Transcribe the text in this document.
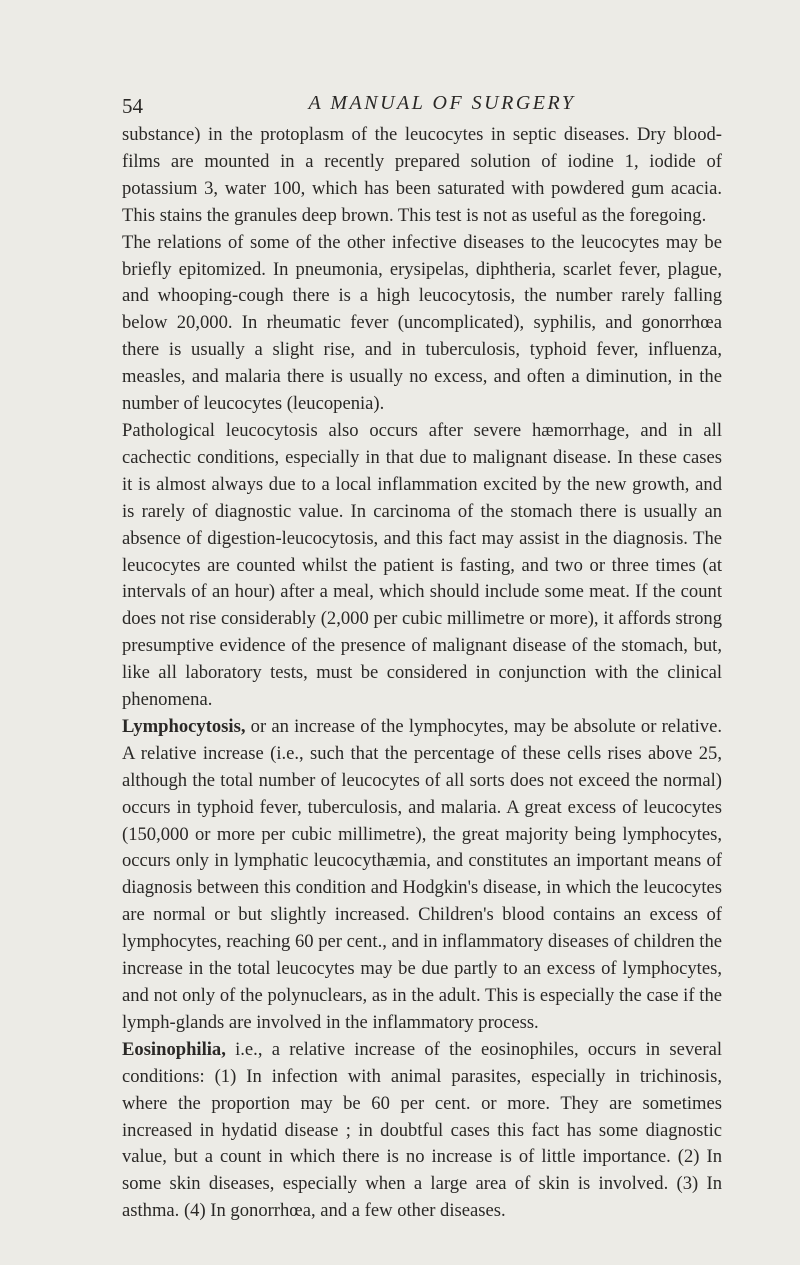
54	A MANUAL OF SURGERY

substance) in the protoplasm of the leucocytes in septic diseases. Dry blood-films are mounted in a recently prepared solution of iodine 1, iodide of potassium 3, water 100, which has been saturated with powdered gum acacia. This stains the granules deep brown. This test is not as useful as the foregoing.

The relations of some of the other infective diseases to the leucocytes may be briefly epitomized. In pneumonia, erysipelas, diphtheria, scarlet fever, plague, and whooping-cough there is a high leucocytosis, the number rarely falling below 20,000. In rheumatic fever (uncomplicated), syphilis, and gonorrhœa there is usually a slight rise, and in tuberculosis, typhoid fever, influenza, measles, and malaria there is usually no excess, and often a diminution, in the number of leucocytes (leucopenia).

Pathological leucocytosis also occurs after severe hæmorrhage, and in all cachectic conditions, especially in that due to malignant disease. In these cases it is almost always due to a local inflammation excited by the new growth, and is rarely of diagnostic value. In carcinoma of the stomach there is usually an absence of digestion-leucocytosis, and this fact may assist in the diagnosis. The leucocytes are counted whilst the patient is fasting, and two or three times (at intervals of an hour) after a meal, which should include some meat. If the count does not rise considerably (2,000 per cubic millimetre or more), it affords strong presumptive evidence of the presence of malignant disease of the stomach, but, like all laboratory tests, must be considered in conjunction with the clinical phenomena.

Lymphocytosis, or an increase of the lymphocytes, may be absolute or relative. A relative increase (i.e., such that the percentage of these cells rises above 25, although the total number of leucocytes of all sorts does not exceed the normal) occurs in typhoid fever, tuberculosis, and malaria. A great excess of leucocytes (150,000 or more per cubic millimetre), the great majority being lymphocytes, occurs only in lymphatic leucocythæmia, and constitutes an important means of diagnosis between this condition and Hodgkin's disease, in which the leucocytes are normal or but slightly increased. Children's blood contains an excess of lymphocytes, reaching 60 per cent., and in inflammatory diseases of children the increase in the total leucocytes may be due partly to an excess of lymphocytes, and not only of the polynuclears, as in the adult. This is especially the case if the lymph-glands are involved in the inflammatory process.

Eosinophilia, i.e., a relative increase of the eosinophiles, occurs in several conditions: (1) In infection with animal parasites, especially in trichinosis, where the proportion may be 60 per cent. or more. They are sometimes increased in hydatid disease ; in doubtful cases this fact has some diagnostic value, but a count in which there is no increase is of little importance. (2) In some skin diseases, especially when a large area of skin is involved. (3) In asthma. (4) In gonorrhœa, and a few other diseases.
